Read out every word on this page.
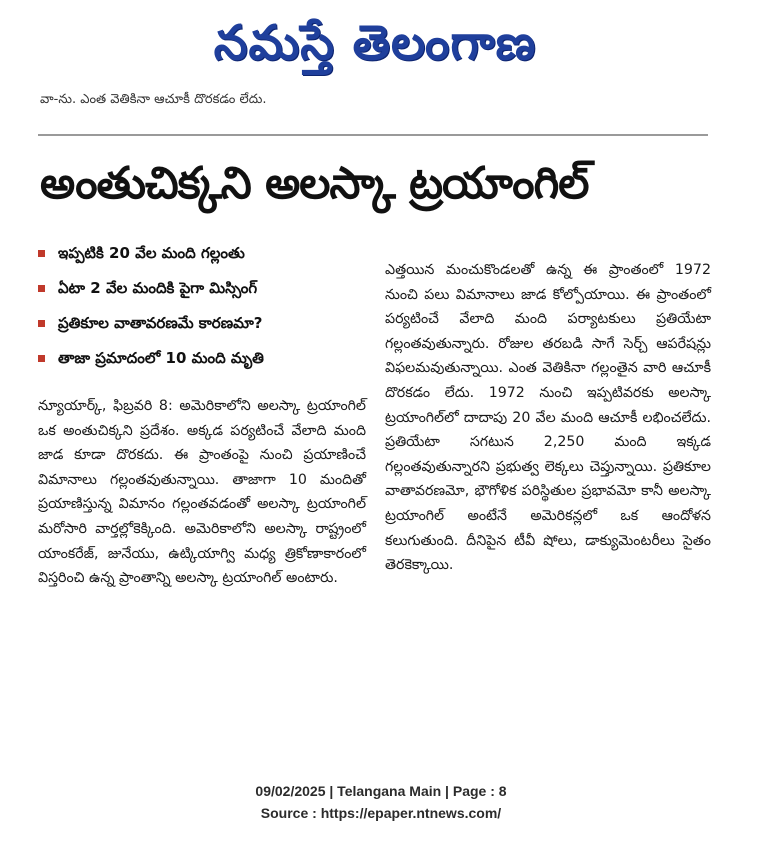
నమస్తే తెలంగాణ
వా-ను. ఎంత వెతికినా ఆచూకీ దొరకడం లేదు.
అంతుచిక్కని అలస్కా ట్రయాంగిల్
ఇప్పటికి 20 వేల మంది గల్లంతు
ఏటా 2 వేల మందికి పైగా మిస్సింగ్
ప్రతికూల వాతావరణమే కారణమా?
తాజా ప్రమాదంలో 10 మంది మృతి
న్యూయార్క్, ఫిబ్రవరి 8: అమెరికాలోని అలస్కా ట్రయాంగిల్ ఒక అంతుచిక్కని ప్రదేశం. అక్కడ పర్యటించే వేలాది మంది జాడ కూడా దొరకదు. ఈ ప్రాంతంపై నుంచి ప్రయాణించే విమానాలు గల్లంతవుతున్నాయి. తాజాగా 10 మందితో ప్రయాణిస్తున్న విమానం గల్లంతవడంతో అలస్కా ట్రయాంగిల్ మరోసారి వార్తల్లోకెక్కింది. అమెరికాలోని అలస్కా రాష్ట్రంలో యాంకరేజ్, జునేయు, ఉట్కియాగ్వి మధ్య త్రికోణాకారంలో విస్తరించి ఉన్న ప్రాంతాన్ని అలస్కా ట్రయాంగిల్ అంటారు.
ఎత్తయిన మంచుకొండలతో ఉన్న ఈ ప్రాంతంలో 1972 నుంచి పలు విమానాలు జాడ కోల్పోయాయి. ఈ ప్రాంతంలో పర్యటించే వేలాది మంది పర్యాటకులు ప్రతియేటా గల్లంతవుతున్నారు. రోజుల తరబడి సాగే సెర్చ్ ఆపరేషన్లు విఫలమవుతున్నాయి. ఎంత వెతికినా గల్లంతైన వారి ఆచూకీ దొరకడం లేదు. 1972 నుంచి ఇప్పటివరకు అలస్కా ట్రయాంగిల్‌లో దాదాపు 20 వేల మంది ఆచూకీ లభించలేదు. ప్రతియేటా సగటున 2,250 మంది ఇక్కడ గల్లంతవుతున్నారని ప్రభుత్వ లెక్కలు చెప్తున్నాయి. ప్రతికూల వాతావరణమో, భౌగోళిక పరిస్థితుల ప్రభావమో కానీ అలస్కా ట్రయాంగిల్ అంటేనే అమెరికన్లలో ఒక ఆందోళన కలుగుతుంది. దీనిపైన టీవీ షోలు, డాక్యుమెంటరీలు సైతం తెరకెక్కాయి.
09/02/2025 | Telangana Main | Page : 8
Source : https://epaper.ntnews.com/
